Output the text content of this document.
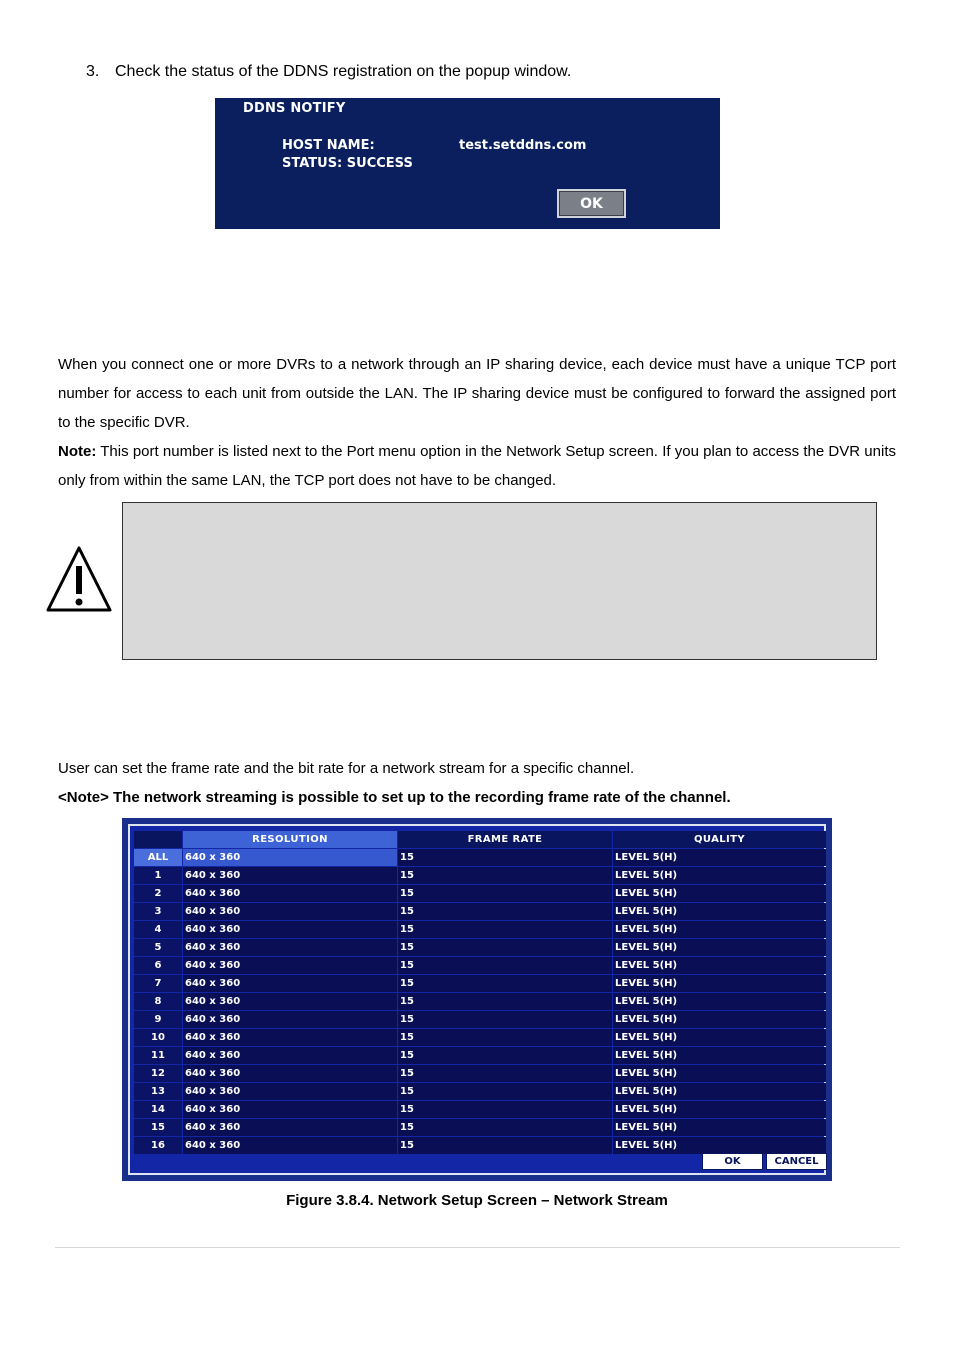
3. Check the status of the DDNS registration on the popup window.
DDNS NOTIFY
HOST NAME:	test.setddns.com
STATUS: SUCCESS
OK
When you connect one or more DVRs to a network through an IP sharing device, each device must have a unique TCP port number for access to each unit from outside the LAN. The IP sharing device must be configured to forward the assigned port to the specific DVR.
Note: This port number is listed next to the Port menu option in the Network Setup screen. If you plan to access the DVR units only from within the same LAN, the TCP port does not have to be changed.
User can set the frame rate and the bit rate for a network stream for a specific channel.
<Note> The network streaming is possible to set up to the recording frame rate of the channel.
	RESOLUTION	FRAME RATE	QUALITY
ALL	640 x 360	15	LEVEL 5(H)
1	640 x 360	15	LEVEL 5(H)
2	640 x 360	15	LEVEL 5(H)
3	640 x 360	15	LEVEL 5(H)
4	640 x 360	15	LEVEL 5(H)
5	640 x 360	15	LEVEL 5(H)
6	640 x 360	15	LEVEL 5(H)
7	640 x 360	15	LEVEL 5(H)
8	640 x 360	15	LEVEL 5(H)
9	640 x 360	15	LEVEL 5(H)
10	640 x 360	15	LEVEL 5(H)
11	640 x 360	15	LEVEL 5(H)
12	640 x 360	15	LEVEL 5(H)
13	640 x 360	15	LEVEL 5(H)
14	640 x 360	15	LEVEL 5(H)
15	640 x 360	15	LEVEL 5(H)
16	640 x 360	15	LEVEL 5(H)
OK	CANCEL
Figure 3.8.4. Network Setup Screen – Network Stream
